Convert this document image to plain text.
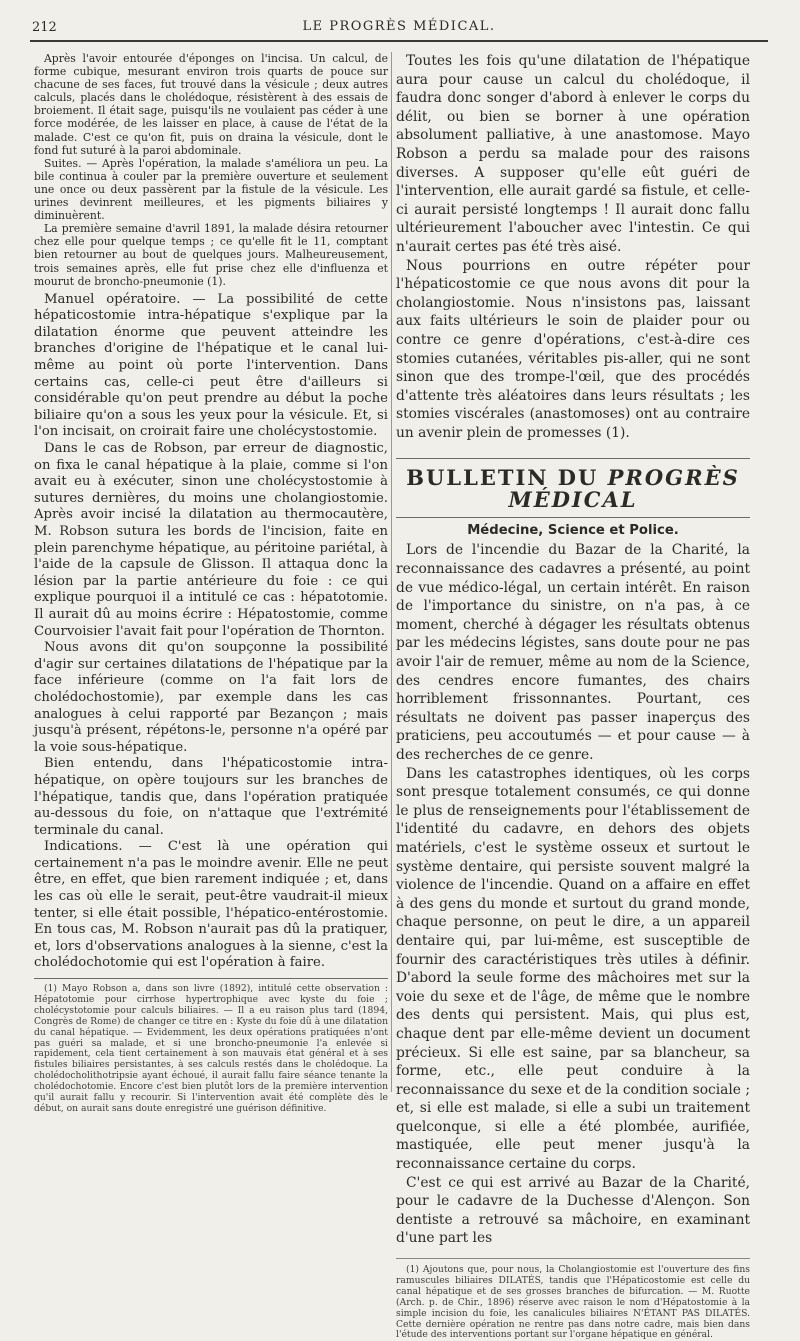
212	LE PROGRÈS MÉDICAL.

Après l'avoir entourée d'éponges on l'incisa. Un calcul, de forme cubique, mesurant environ trois quarts de pouce sur chacune de ses faces, fut trouvé dans la vésicule ; deux autres calculs, placés dans le cholédoque, résistèrent à des essais de broiement. Il était sage, puisqu'ils ne voulaient pas céder à une force modérée, de les laisser en place, à cause de l'état de la malade. C'est ce qu'on fit, puis on draina la vésicule, dont le fond fut suturé à la paroi abdominale.

Suites. — Après l'opération, la malade s'améliora un peu. La bile continua à couler par la première ouverture et seulement une once ou deux passèrent par la fistule de la vésicule. Les urines devinrent meilleures, et les pigments biliaires y diminuèrent.

La première semaine d'avril 1891, la malade désira retourner chez elle pour quelque temps ; ce qu'elle fit le 11, comptant bien retourner au bout de quelques jours. Malheureusement, trois semaines après, elle fut prise chez elle d'influenza et mourut de broncho-pneumonie (1).

Manuel opératoire. — La possibilité de cette hépaticostomie intra-hépatique s'explique par la dilatation énorme que peuvent atteindre les branches d'origine de l'hépatique et le canal lui-même au point où porte l'intervention. Dans certains cas, celle-ci peut être d'ailleurs si considérable qu'on peut prendre au début la poche biliaire qu'on a sous les yeux pour la vésicule. Et, si l'on incisait, on croirait faire une cholécystostomie.

Dans le cas de Robson, par erreur de diagnostic, on fixa le canal hépatique à la plaie, comme si l'on avait eu à exécuter, sinon une cholécystostomie à sutures dernières, du moins une cholangiostomie. Après avoir incisé la dilatation au thermocautère, M. Robson sutura les bords de l'incision, faite en plein parenchyme hépatique, au péritoine pariétal, à l'aide de la capsule de Glisson. Il attaqua donc la lésion par la partie antérieure du foie : ce qui explique pourquoi il a intitulé ce cas : hépatotomie. Il aurait dû au moins écrire : Hépatostomie, comme Courvoisier l'avait fait pour l'opération de Thornton.

Nous avons dit qu'on soupçonne la possibilité d'agir sur certaines dilatations de l'hépatique par la face inférieure (comme on l'a fait lors de cholédochostomie), par exemple dans les cas analogues à celui rapporté par Bezançon ; mais jusqu'à présent, répétons-le, personne n'a opéré par la voie sous-hépatique.

Bien entendu, dans l'hépaticostomie intra-hépatique, on opère toujours sur les branches de l'hépatique, tandis que, dans l'opération pratiquée au-dessous du foie, on n'attaque que l'extrémité terminale du canal.

Indications. — C'est là une opération qui certainement n'a pas le moindre avenir. Elle ne peut être, en effet, que bien rarement indiquée ; et, dans les cas où elle le serait, peut-être vaudrait-il mieux tenter, si elle était possible, l'hépatico-entérostomie. En tous cas, M. Robson n'aurait pas dû la pratiquer, et, lors d'observations analogues à la sienne, c'est la cholédochotomie qui est l'opération à faire.

(1) Mayo Robson a, dans son livre (1892), intitulé cette observation : Hépatotomie pour cirrhose hypertrophique avec kyste du foie ; cholécystotomie pour calculs biliaires. — Il a eu raison plus tard (1894, Congrès de Rome) de changer ce titre en : Kyste du foie dû à une dilatation du canal hépatique. — Evidemment, les deux opérations pratiquées n'ont pas guéri sa malade, et si une broncho-pneumonie l'a enlevée si rapidement, cela tient certainement à son mauvais état général et à ses fistules biliaires persistantes, à ses calculs restés dans le cholédoque. La cholédocholithotripsie ayant échoué, il aurait fallu faire séance tenante la cholédochotomie. Encore c'est bien plutôt lors de la première intervention qu'il aurait fallu y recourir. Si l'intervention avait été complète dès le début, on aurait sans doute enregistré une guérison définitive.

Toutes les fois qu'une dilatation de l'hépatique aura pour cause un calcul du cholédoque, il faudra donc songer d'abord à enlever le corps du délit, ou bien se borner à une opération absolument palliative, à une anastomose. Mayo Robson a perdu sa malade pour des raisons diverses. A supposer qu'elle eût guéri de l'intervention, elle aurait gardé sa fistule, et celle-ci aurait persisté longtemps ! Il aurait donc fallu ultérieurement l'aboucher avec l'intestin. Ce qui n'aurait certes pas été très aisé.

Nous pourrions en outre répéter pour l'hépaticostomie ce que nous avons dit pour la cholangiostomie. Nous n'insistons pas, laissant aux faits ultérieurs le soin de plaider pour ou contre ce genre d'opérations, c'est-à-dire ces stomies cutanées, véritables pis-aller, qui ne sont sinon que des trompe-l'œil, que des procédés d'attente très aléatoires dans leurs résultats ; les stomies viscérales (anastomoses) ont au contraire un avenir plein de promesses (1).

BULLETIN DU PROGRÈS MÉDICAL
Médecine, Science et Police.

Lors de l'incendie du Bazar de la Charité, la reconnaissance des cadavres a présenté, au point de vue médico-légal, un certain intérêt. En raison de l'importance du sinistre, on n'a pas, à ce moment, cherché à dégager les résultats obtenus par les médecins légistes, sans doute pour ne pas avoir l'air de remuer, même au nom de la Science, des cendres encore fumantes, des chairs horriblement frissonnantes. Pourtant, ces résultats ne doivent pas passer inaperçus des praticiens, peu accoutumés — et pour cause — à des recherches de ce genre.

Dans les catastrophes identiques, où les corps sont presque totalement consumés, ce qui donne le plus de renseignements pour l'établissement de l'identité du cadavre, en dehors des objets matériels, c'est le système osseux et surtout le système dentaire, qui persiste souvent malgré la violence de l'incendie. Quand on a affaire en effet à des gens du monde et surtout du grand monde, chaque personne, on peut le dire, a un appareil dentaire qui, par lui-même, est susceptible de fournir des caractéristiques très utiles à définir. D'abord la seule forme des mâchoires met sur la voie du sexe et de l'âge, de même que le nombre des dents qui persistent. Mais, qui plus est, chaque dent par elle-même devient un document précieux. Si elle est saine, par sa blancheur, sa forme, etc., elle peut conduire à la reconnaissance du sexe et de la condition sociale ; et, si elle est malade, si elle a subi un traitement quelconque, si elle a été plombée, aurifiée, mastiquée, elle peut mener jusqu'à la reconnaissance certaine du corps.

C'est ce qui est arrivé au Bazar de la Charité, pour le cadavre de la Duchesse d'Alençon. Son dentiste a retrouvé sa mâchoire, en examinant d'une part les

(1) Ajoutons que, pour nous, la Cholangiostomie est l'ouverture des fins ramuscules biliaires DILATÉS, tandis que l'Hépaticostomie est celle du canal hépatique et de ses grosses branches de bifurcation. — M. Ruotte (Arch. p. de Chir., 1896) réserve avec raison le nom d'Hépatostomie à la simple incision du foie, les canalicules biliaires N'ÉTANT PAS DILATÉS. Cette dernière opération ne rentre pas dans notre cadre, mais bien dans l'étude des interventions portant sur l'organe hépatique en général.
